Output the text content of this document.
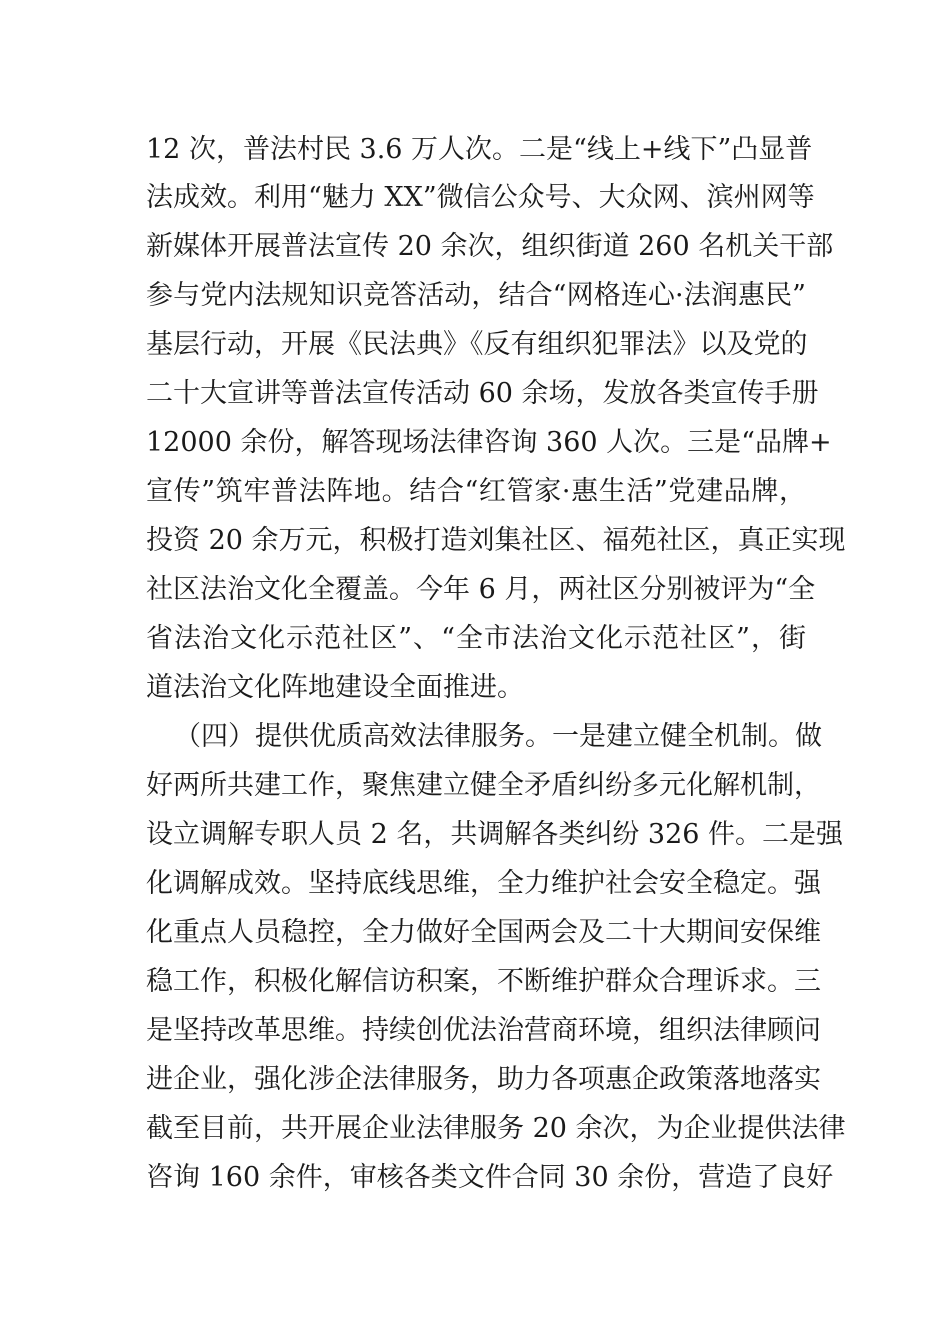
12 次，普法村民 3.6 万人次。二是“线上+线下”凸显普
法成效。利用“魅力 XX”微信公众号、大众网、滨州网等
新媒体开展普法宣传 20 余次，组织街道 260 名机关干部
参与党内法规知识竞答活动，结合“网格连心·法润惠民”
基层行动，开展《民法典》《反有组织犯罪法》以及党的
二十大宣讲等普法宣传活动 60 余场，发放各类宣传手册
12000 余份，解答现场法律咨询 360 人次。三是“品牌+
宣传”筑牢普法阵地。结合“红管家·惠生活”党建品牌，
投资 20 余万元，积极打造刘集社区、福苑社区，真正实现
社区法治文化全覆盖。今年 6 月，两社区分别被评为“全
省法治文化示范社区”、“全市法治文化示范社区”，街
道法治文化阵地建设全面推进。
（四）提供优质高效法律服务。一是建立健全机制。做
好两所共建工作，聚焦建立健全矛盾纠纷多元化解机制，
设立调解专职人员 2 名，共调解各类纠纷 326 件。二是强
化调解成效。坚持底线思维，全力维护社会安全稳定。强
化重点人员稳控，全力做好全国两会及二十大期间安保维
稳工作，积极化解信访积案，不断维护群众合理诉求。三
是坚持改革思维。持续创优法治营商环境，组织法律顾问
进企业，强化涉企法律服务，助力各项惠企政策落地落实
截至目前，共开展企业法律服务 20 余次，为企业提供法律
咨询 160 余件，审核各类文件合同 30 余份，营造了良好
